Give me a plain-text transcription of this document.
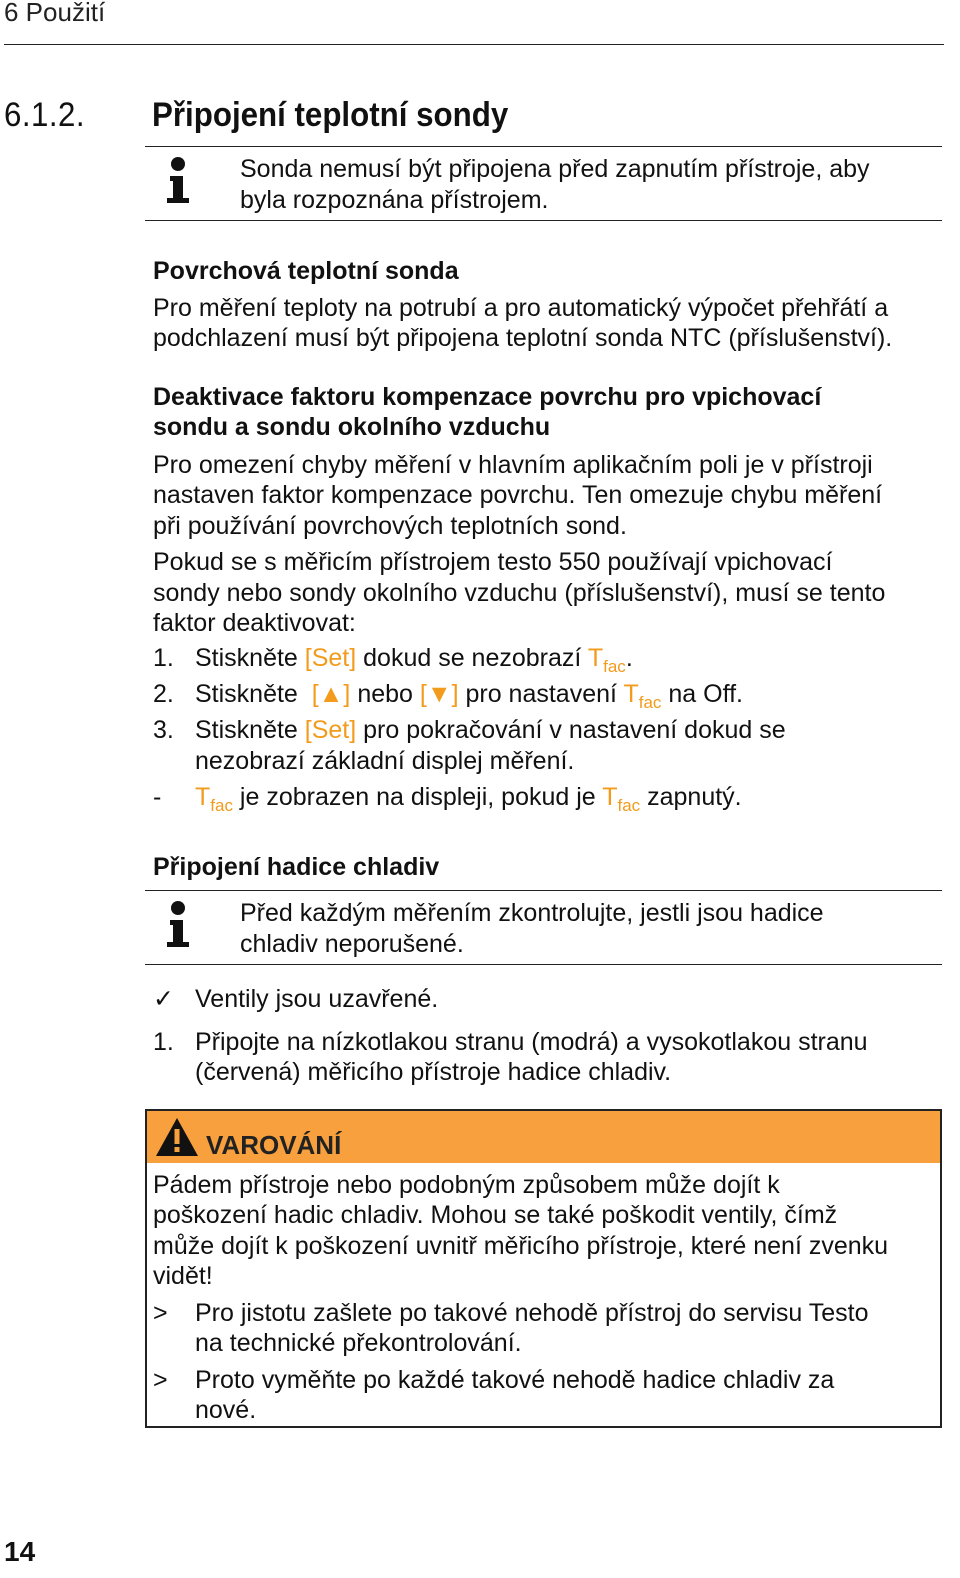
6 Použití
6.1.2. Připojení teplotní sondy
Sonda nemusí být připojena před zapnutím přístroje, aby
byla rozpoznána přístrojem.
Povrchová teplotní sonda
Pro měření teploty na potrubí a pro automatický výpočet přehřátí a
podchlazení musí být připojena teplotní sonda NTC (příslušenství).
Deaktivace faktoru kompenzace povrchu pro vpichovací
sondu a sondu okolního vzduchu
Pro omezení chyby měření v hlavním aplikačním poli je v přístroji
nastaven faktor kompenzace povrchu. Ten omezuje chybu měření
při používání povrchových teplotních sond.
Pokud se s měřicím přístrojem testo 550 používají vpichovací
sondy nebo sondy okolního vzduchu (příslušenství), musí se tento
faktor deaktivovat:
1. Stiskněte [Set] dokud se nezobrazí $T_{fac}$.
2. Stiskněte  [▲] nebo [▼] pro nastavení $T_{fac}$ na Off.
3. Stiskněte [Set] pro pokračování v nastavení dokud se
nezobrazí základní displej měření.
- $T_{fac}$ je zobrazen na displeji, pokud je $T_{fac}$ zapnutý.
Připojení hadice chladiv
Před každým měřením zkontrolujte, jestli jsou hadice
chladiv neporušené.
✓ Ventily jsou uzavřené.
1. Připojte na nízkotlakou stranu (modrá) a vysokotlakou stranu
(červená) měřicího přístroje hadice chladiv.
VAROVÁNÍ
Pádem přístroje nebo podobným způsobem může dojít k
poškození hadic chladiv. Mohou se také poškodit ventily, čímž
může dojít k poškození uvnitř měřicího přístroje, které není zvenku
vidět!
> Pro jistotu zašlete po takové nehodě přístroj do servisu Testo
na technické překontrolování.
> Proto vyměňte po každé takové nehodě hadice chladiv za
nové.
14
